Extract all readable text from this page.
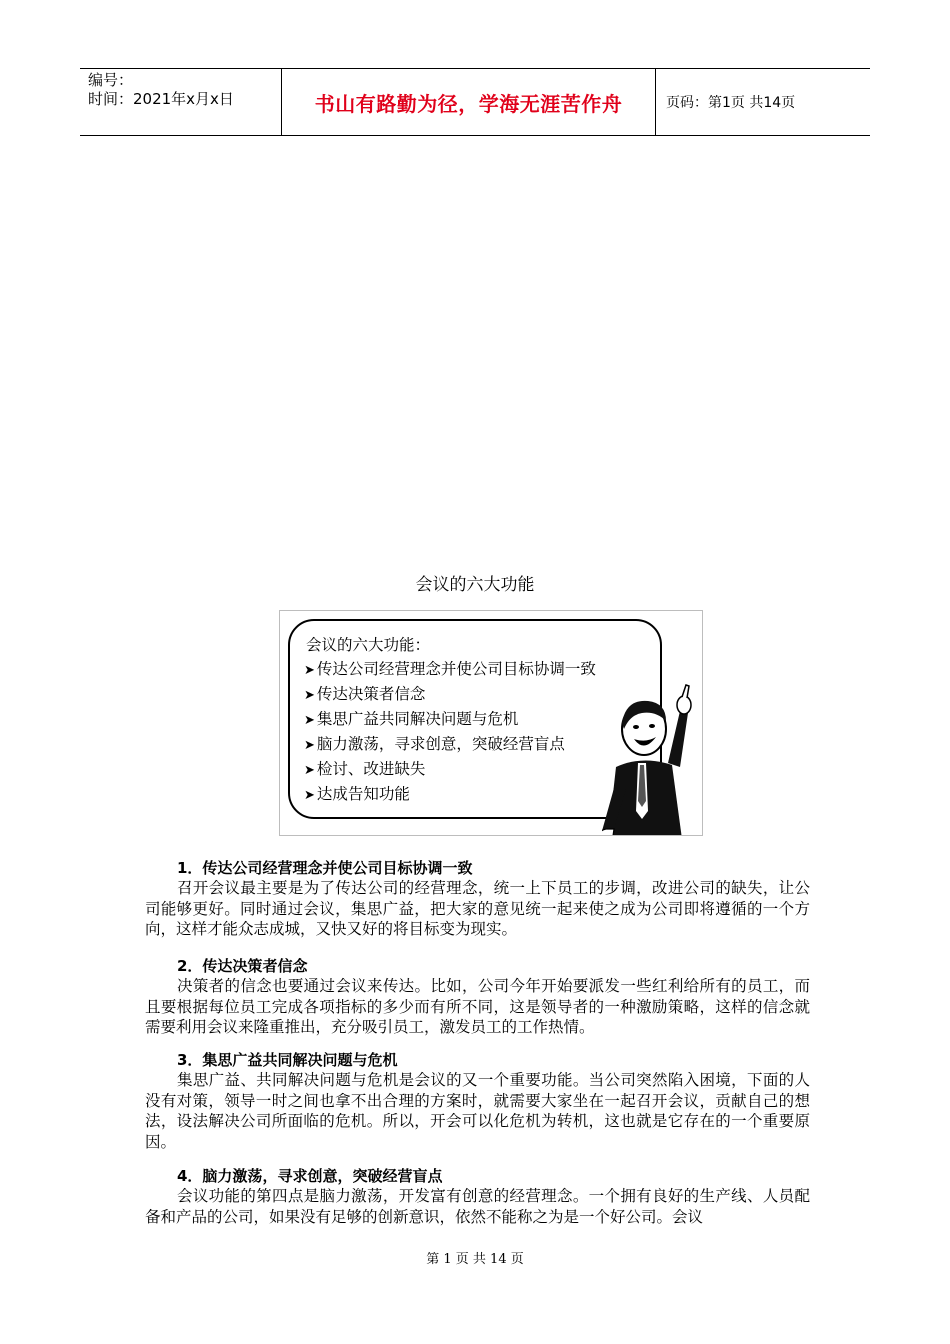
编号：
时间：2021年x月x日	书山有路勤为径，学海无涯苦作舟	页码：第1页 共14页
会议的六大功能
会议的六大功能：
➤ 传达公司经营理念并使公司目标协调一致
➤ 传达决策者信念
➤ 集思广益共同解决问题与危机
➤ 脑力激荡，寻求创意，突破经营盲点
➤ 检讨、改进缺失
➤ 达成告知功能
1．传达公司经营理念并使公司目标协调一致
召开会议最主要是为了传达公司的经营理念，统一上下员工的步调，改进公司的缺失，让公司能够更好。同时通过会议，集思广益，把大家的意见统一起来使之成为公司即将遵循的一个方向，这样才能众志成城，又快又好的将目标变为现实。
2．传达决策者信念
决策者的信念也要通过会议来传达。比如，公司今年开始要派发一些红利给所有的员工，而且要根据每位员工完成各项指标的多少而有所不同，这是领导者的一种激励策略，这样的信念就需要利用会议来隆重推出，充分吸引员工，激发员工的工作热情。
3．集思广益共同解决问题与危机
集思广益、共同解决问题与危机是会议的又一个重要功能。当公司突然陷入困境，下面的人没有对策，领导一时之间也拿不出合理的方案时，就需要大家坐在一起召开会议，贡献自己的想法，设法解决公司所面临的危机。所以，开会可以化危机为转机，这也就是它存在的一个重要原因。
4．脑力激荡，寻求创意，突破经营盲点
会议功能的第四点是脑力激荡，开发富有创意的经营理念。一个拥有良好的生产线、人员配备和产品的公司，如果没有足够的创新意识，依然不能称之为是一个好公司。会议
第 1 页 共 14 页
